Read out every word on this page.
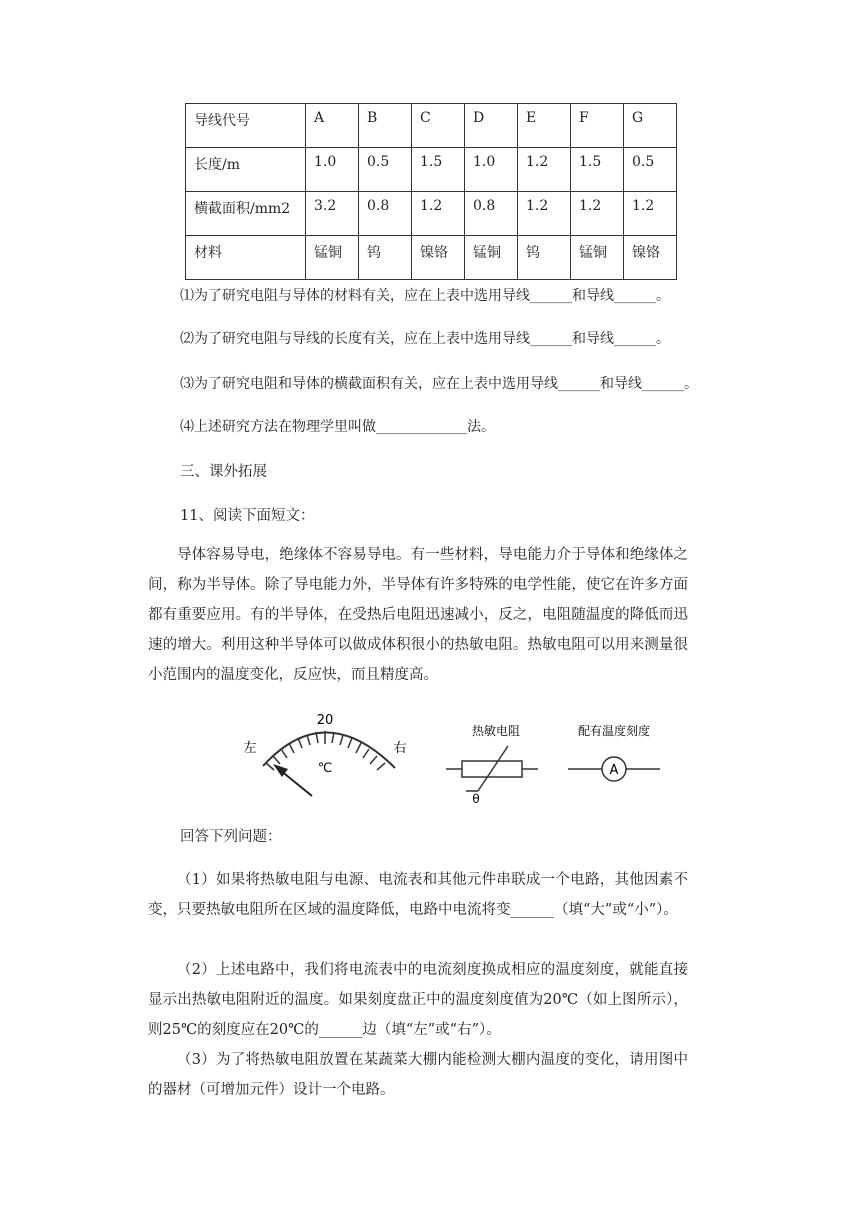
导线代号	A	B	C	D	E	F	G
长度/m	1.0	0.5	1.5	1.0	1.2	1.5	0.5
横截面积/mm2	3.2	0.8	1.2	0.8	1.2	1.2	1.2
材料	锰铜	钨	镍铬	锰铜	钨	锰铜	镍铬
⑴为了研究电阻与导体的材料有关，应在上表中选用导线______和导线______。
⑵为了研究电阻与导线的长度有关，应在上表中选用导线______和导线______。
⑶为了研究电阻和导体的横截面积有关，应在上表中选用导线______和导线______。
⑷上述研究方法在物理学里叫做_____________法。
三、课外拓展
11、阅读下面短文：
导体容易导电，绝缘体不容易导电。有一些材料，导电能力介于导体和绝缘体之间，称为半导体。除了导电能力外，半导体有许多特殊的电学性能，使它在许多方面都有重要应用。有的半导体，在受热后电阻迅速减小，反之，电阻随温度的降低而迅速的增大。利用这种半导体可以做成体积很小的热敏电阻。热敏电阻可以用来测量很小范围内的温度变化，反应快，而且精度高。
20
左	右
℃
热敏电阻
θ
配有温度刻度
A
回答下列问题：
（1）如果将热敏电阻与电源、电流表和其他元件串联成一个电路，其他因素不变，只要热敏电阻所在区域的温度降低，电路中电流将变______（填“大”或“小”）。
（2）上述电路中，我们将电流表中的电流刻度换成相应的温度刻度，就能直接显示出热敏电阻附近的温度。如果刻度盘正中的温度刻度值为20℃（如上图所示），则25℃的刻度应在20℃的______边（填“左”或“右”）。
（3）为了将热敏电阻放置在某蔬菜大棚内能检测大棚内温度的变化，请用图中的器材（可增加元件）设计一个电路。
